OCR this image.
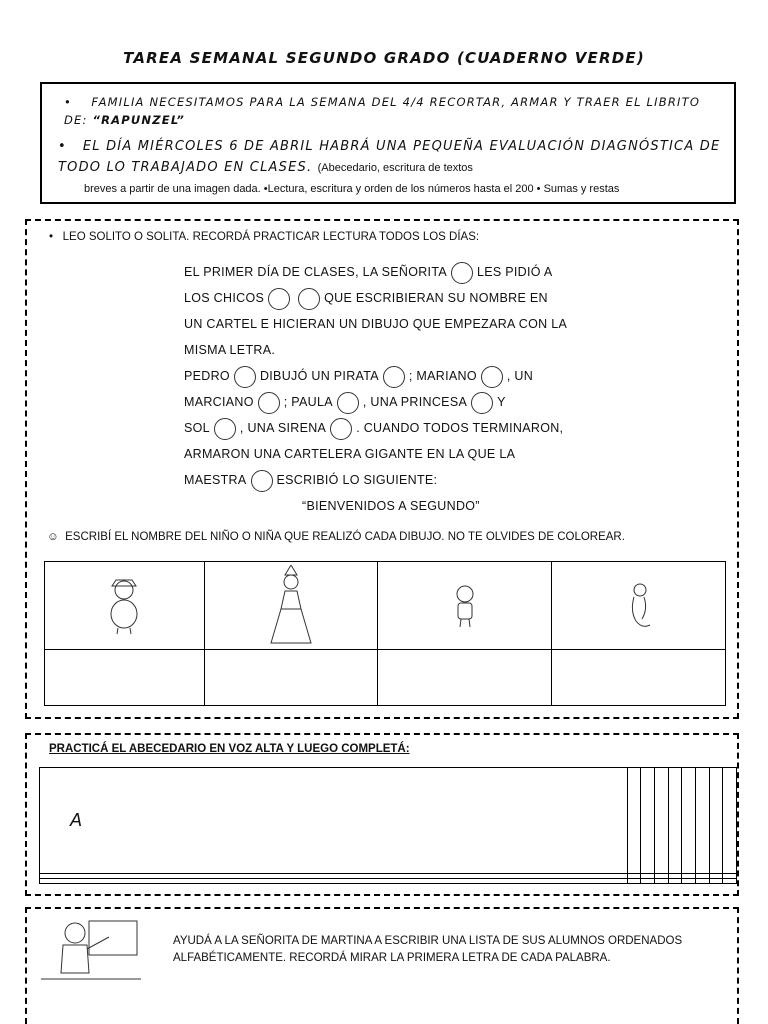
TAREA SEMANAL SEGUNDO GRADO (CUADERNO VERDE)
•    FAMILIA NECESITAMOS PARA LA SEMANA DEL 4/4 RECORTAR, ARMAR Y TRAER EL LIBRITO DE: “RAPUNZEL”
•   EL DÍA MIÉRCOLES 6 DE ABRIL HABRÁ UNA PEQUEÑA EVALUACIÓN DIAGNÓSTICA DE TODO LO TRABAJADO EN CLASES. (Abecedario, escritura de textos
breves a partir de una imagen dada. •Lectura, escritura y orden de los números hasta el 200 • Sumas y restas
•   LEO SOLITO O SOLITA. RECORDÁ PRACTICAR LECTURA TODOS LOS DÍAS:
EL PRIMER DÍA DE CLASES, LA SEÑORITA LES PIDIÓ A
LOS CHICOS	QUE ESCRIBIERAN SU NOMBRE EN
UN CARTEL E HICIERAN UN DIBUJO QUE EMPEZARA CON LA
MISMA LETRA.
PEDRO DIBUJÓ UN PIRATA ; MARIANO , UN
MARCIANO ; PAULA , UNA PRINCESA Y
SOL , UNA SIRENA . CUANDO TODOS TERMINARON,
ARMARON UNA CARTELERA GIGANTE EN LA QUE LA
MAESTRA ESCRIBIÓ LO SIGUIENTE:
“BIENVENIDOS A SEGUNDO”
☺  ESCRIBÍ EL NOMBRE DEL NIÑO O NIÑA QUE REALIZÓ CADA DIBUJO. NO TE OLVIDES DE COLOREAR.

PRACTICÁ EL ABECEDARIO EN VOZ ALTA Y LUEGO COMPLETÁ:
A								

AYUDÁ A LA SEÑORITA DE MARTINA A ESCRIBIR UNA LISTA DE SUS ALUMNOS ORDENADOS ALFABÉTICAMENTE. RECORDÁ MIRAR LA PRIMERA LETRA DE CADA PALABRA.
